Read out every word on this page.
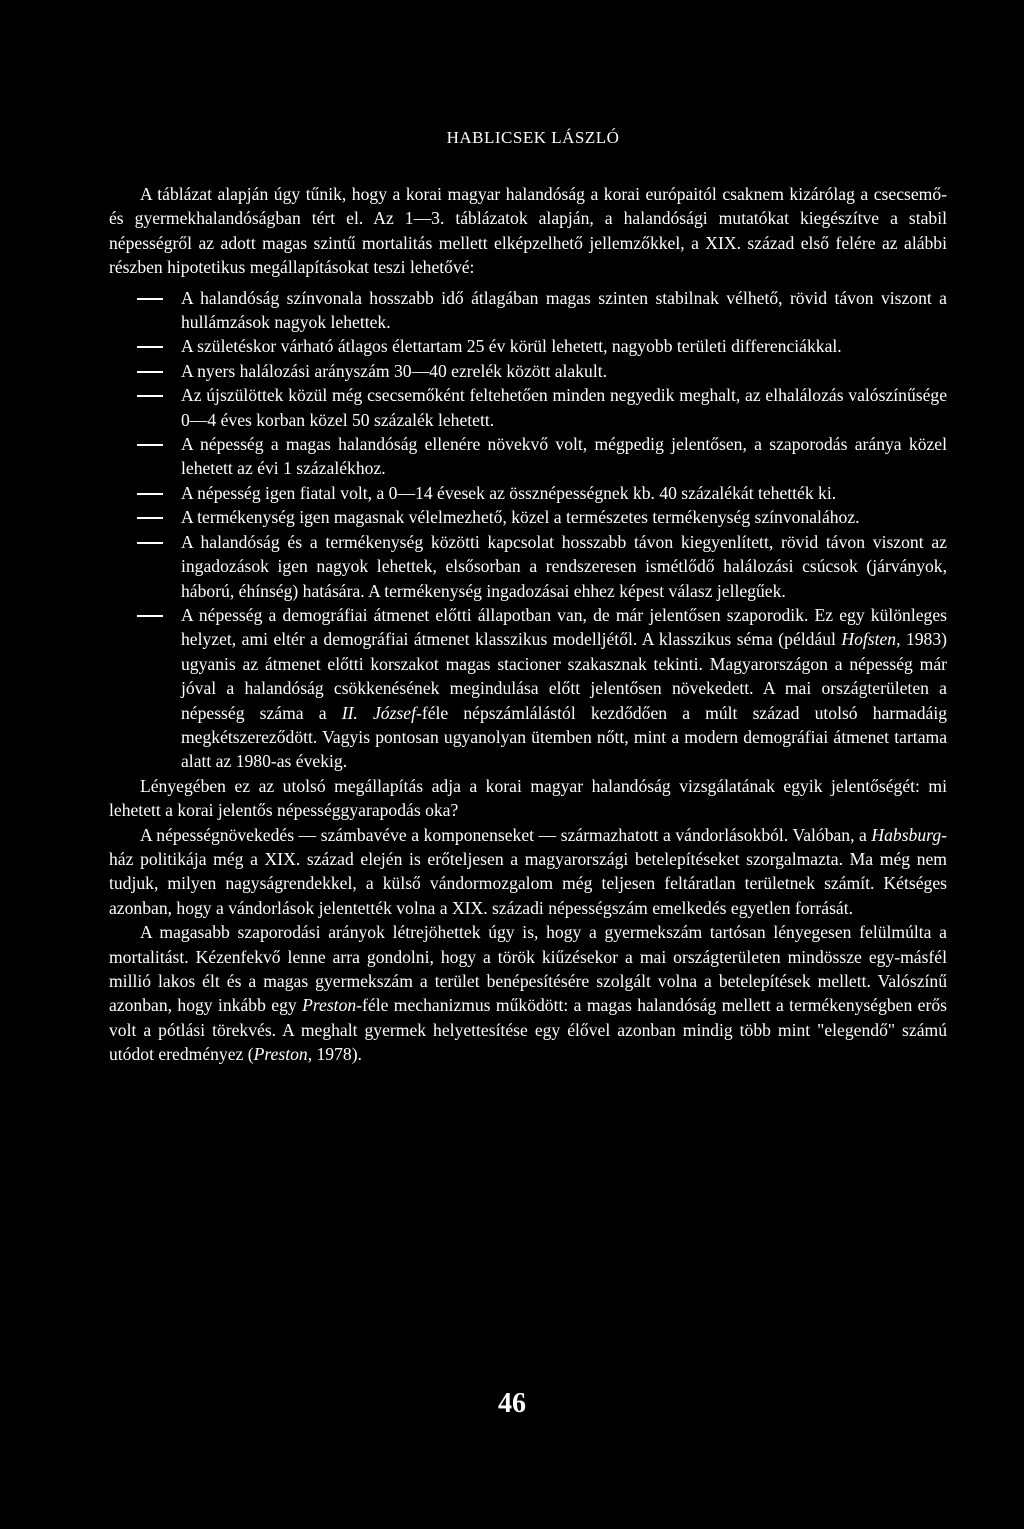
HABLICSEK LÁSZLÓ

A táblázat alapján úgy tűnik, hogy a korai magyar halandóság a korai európaitól csaknem kizárólag a csecsemő- és gyermekhalandóságban tért el. Az 1—3. táblázatok alapján, a halandósági mutatókat kiegészítve a stabil népességről az adott magas szintű mortalitás mellett elképzelhető jellemzőkkel, a XIX. század első felére az alábbi részben hipotetikus megállapításokat teszi lehetővé:

A halandóság színvonala hosszabb idő átlagában magas szinten stabilnak vélhető, rövid távon viszont a hullámzások nagyok lehettek.
A születéskor várható átlagos élettartam 25 év körül lehetett, nagyobb területi differenciákkal.
A nyers halálozási arányszám 30—40 ezrelék között alakult.
Az újszülöttek közül még csecsemőként feltehetően minden negyedik meghalt, az elhalálozás valószínűsége 0—4 éves korban közel 50 százalék lehetett.
A népesség a magas halandóság ellenére növekvő volt, mégpedig jelentősen, a szaporodás aránya közel lehetett az évi 1 százalékhoz.
A népesség igen fiatal volt, a 0—14 évesek az össznépességnek kb. 40 százalékát tehették ki.
A termékenység igen magasnak vélelmezhető, közel a természetes termékenység színvonalához.
A halandóság és a termékenység közötti kapcsolat hosszabb távon kiegyenlített, rövid távon viszont az ingadozások igen nagyok lehettek, elsősorban a rendszeresen ismétlődő halálozási csúcsok (járványok, háború, éhínség) hatására. A termékenység ingadozásai ehhez képest válasz jellegűek.
A népesség a demográfiai átmenet előtti állapotban van, de már jelentősen szaporodik. Ez egy különleges helyzet, ami eltér a demográfiai átmenet klasszikus modelljétől. A klasszikus séma (például Hofsten, 1983) ugyanis az átmenet előtti korszakot magas stacioner szakasznak tekinti. Magyarországon a népesség már jóval a halandóság csökkenésének megindulása előtt jelentősen növekedett. A mai országterületen a népesség száma a II. József-féle népszámlálástól kezdődően a múlt század utolsó harmadáig megkétszereződött. Vagyis pontosan ugyanolyan ütemben nőtt, mint a modern demográfiai átmenet tartama alatt az 1980-as évekig.

Lényegében ez az utolsó megállapítás adja a korai magyar halandóság vizsgálatának egyik jelentőségét: mi lehetett a korai jelentős népességgyarapodás oka?

A népességnövekedés — számbavéve a komponenseket — származhatott a vándorlásokból. Valóban, a Habsburg-ház politikája még a XIX. század elején is erőteljesen a magyarországi betelepítéseket szorgalmazta. Ma még nem tudjuk, milyen nagyságrendekkel, a külső vándormozgalom még teljesen feltáratlan területnek számít. Kétséges azonban, hogy a vándorlások jelentették volna a XIX. századi népességszám emelkedés egyetlen forrását.

A magasabb szaporodási arányok létrejöhettek úgy is, hogy a gyermekszám tartósan lényegesen felülmúlta a mortalitást. Kézenfekvő lenne arra gondolni, hogy a török kiűzésekor a mai országterületen mindössze egy-másfél millió lakos élt és a magas gyermekszám a terület benépesítésére szolgált volna a betelepítések mellett. Valószínű azonban, hogy inkább egy Preston-féle mechanizmus működött: a magas halandóság mellett a termékenységben erős volt a pótlási törekvés. A meghalt gyermek helyettesítése egy élővel azonban mindig több mint "elegendő" számú utódot eredményez (Preston, 1978).

46
